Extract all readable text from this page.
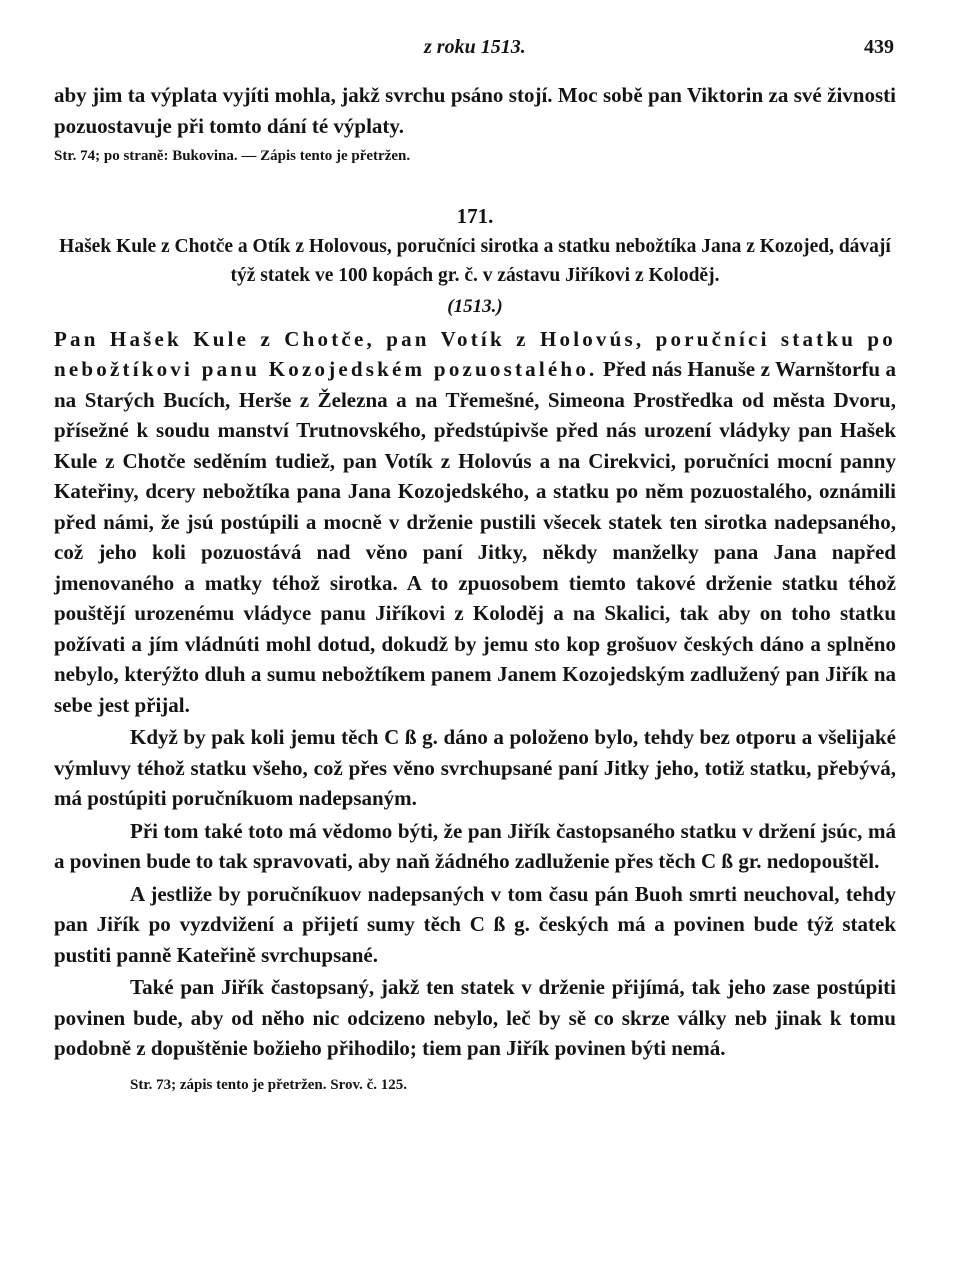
z roku 1513.	439

aby jim ta výplata vyjíti mohla, jakž svrchu psáno stojí. Moc sobě pan Viktorin za své živnosti pozuostavuje při tomto dání té výplaty.

Str. 74; po straně: Bukovina. — Zápis tento je přetržen.

171.

Hašek Kule z Chotče a Otík z Holovous, poručníci sirotka a statku nebožtíka Jana z Kozojed, dávají týž statek ve 100 kopách gr. č. v zástavu Jiříkovi z Koloděj.

(1513.)

Pan Hašek Kule z Chotče, pan Votík z Holovús, poručníci statku po nebožtíkovi panu Kozojedském pozuostalého. Před nás Hanuše z Warnštorfu a na Starých Bucích, Herše z Železna a na Třemešné, Simeona Prostředka od města Dvoru, přísežné k soudu manství Trutnovského, předstúpivše před nás urození vládyky pan Hašek Kule z Chotče seděním tudiež, pan Votík z Holovús a na Cirekvici, poručníci mocní panny Kateřiny, dcery nebožtíka pana Jana Kozojedského, a statku po něm pozuostalého, oznámili před námi, že jsú postúpili a mocně v drženie pustili všecek statek ten sirotka nadepsaného, což jeho koli pozuostává nad věno paní Jitky, někdy manželky pana Jana napřed jmenovaného a matky téhož sirotka. A to zpuosobem tiemto takové drženie statku téhož pouštějí urozenému vládyce panu Jiříkovi z Koloděj a na Skalici, tak aby on toho statku požívati a jím vládnúti mohl dotud, dokudž by jemu sto kop grošuov českých dáno a splněno nebylo, kterýžto dluh a sumu nebožtíkem panem Janem Kozojedským zadlužený pan Jiřík na sebe jest přijal.

Když by pak koli jemu těch C ß g. dáno a položeno bylo, tehdy bez otporu a všelijaké výmluvy téhož statku všeho, což přes věno svrchupsané paní Jitky jeho, totiž statku, přebývá, má postúpiti poručníkuom nadepsaným.

Při tom také toto má vědomo býti, že pan Jiřík častopsaného statku v držení jsúc, má a povinen bude to tak spravovati, aby naň žádného zadluženie přes těch C ß gr. nedopouštěl.

A jestliže by poručníkuov nadepsaných v tom času pán Buoh smrti neuchoval, tehdy pan Jiřík po vyzdvižení a přijetí sumy těch C ß g. českých má a povinen bude týž statek pustiti panně Kateřině svrchupsané.

Také pan Jiřík častopsaný, jakž ten statek v drženie přijímá, tak jeho zase postúpiti povinen bude, aby od něho nic odcizeno nebylo, leč by sě co skrze války neb jinak k tomu podobně z dopuštěnie božieho přihodilo; tiem pan Jiřík povinen býti nemá.

Str. 73; zápis tento je přetržen. Srov. č. 125.
